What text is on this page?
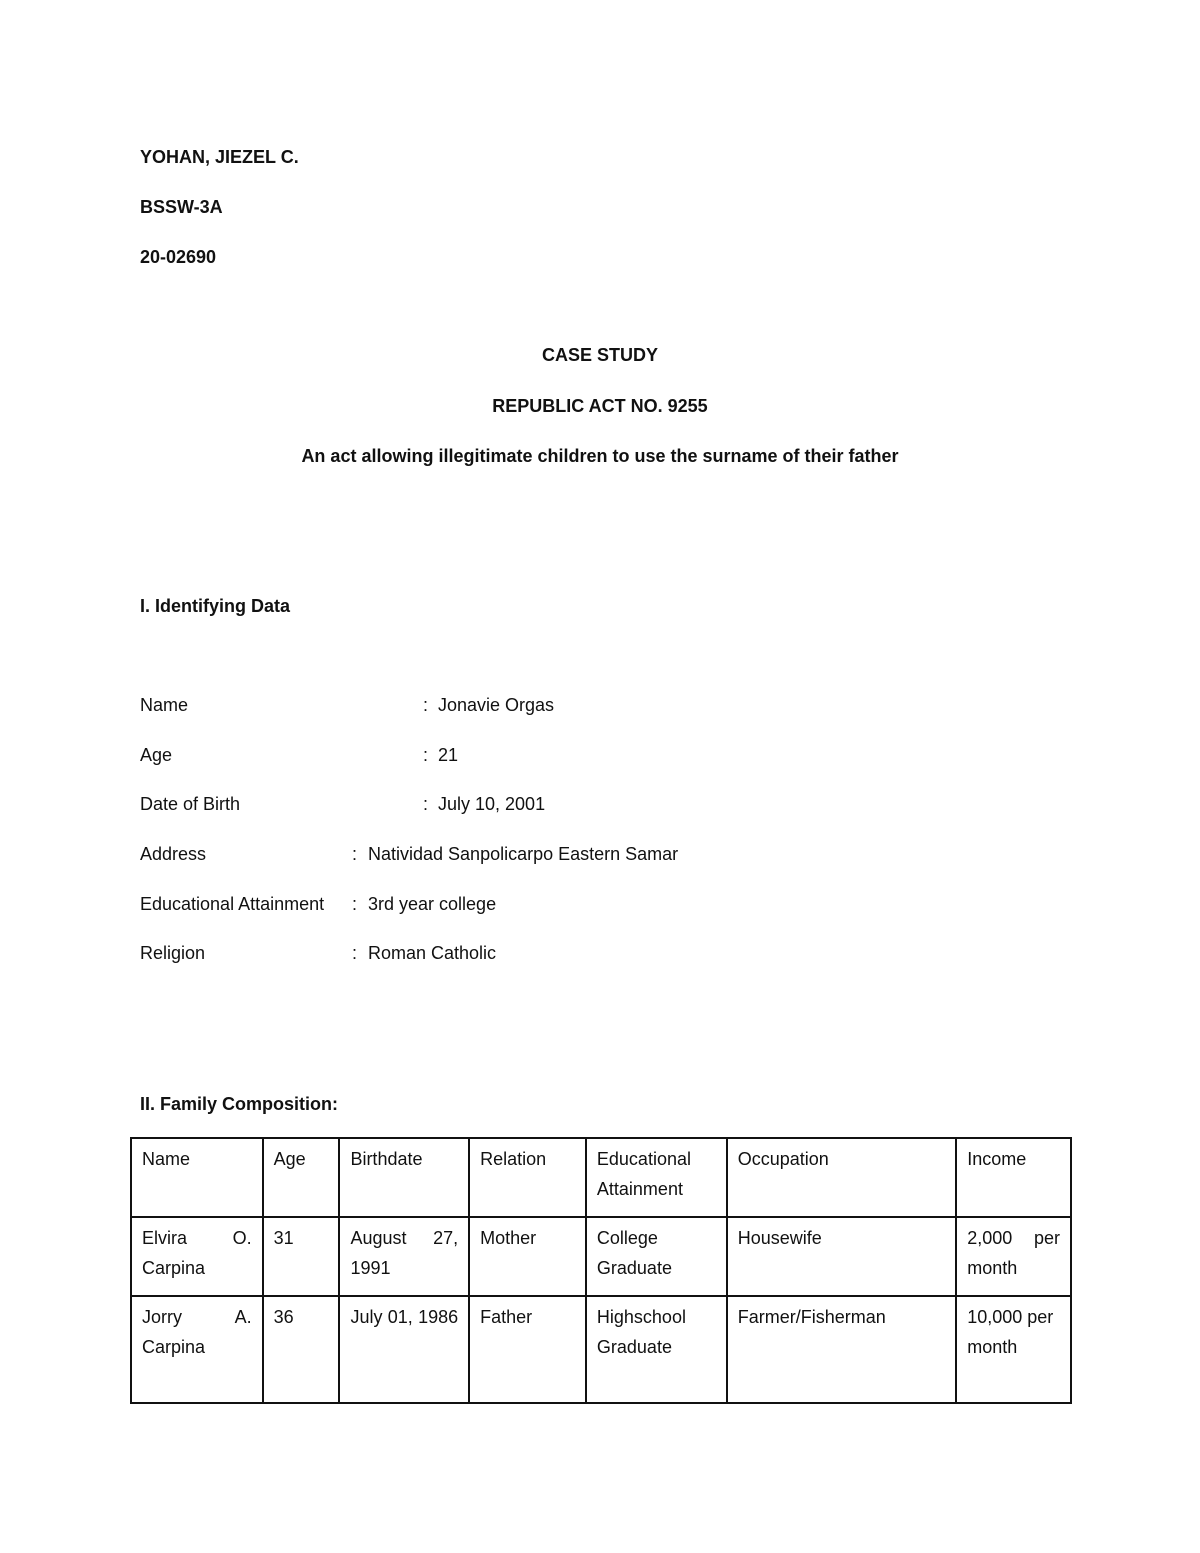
YOHAN, JIEZEL C.
BSSW-3A
20-02690
CASE STUDY
REPUBLIC ACT NO. 9255
An act allowing illegitimate children to use the surname of their father
I. Identifying Data
Name	: Jonavie Orgas
Age	: 21
Date of Birth	: July 10, 2001
Address	: Natividad Sanpolicarpo Eastern Samar
Educational Attainment : 3rd year college
Religion	: Roman Catholic
II. Family Composition:
Name	Age	Birthdate	Relation	Educational Attainment	Occupation	Income
Elvira O. Carpina	31	August 27, 1991	Mother	College Graduate	Housewife	2,000 per month
Jorry A. Carpina	36	July 01, 1986	Father	Highschool Graduate	Farmer/Fisherman	10,000 per month
